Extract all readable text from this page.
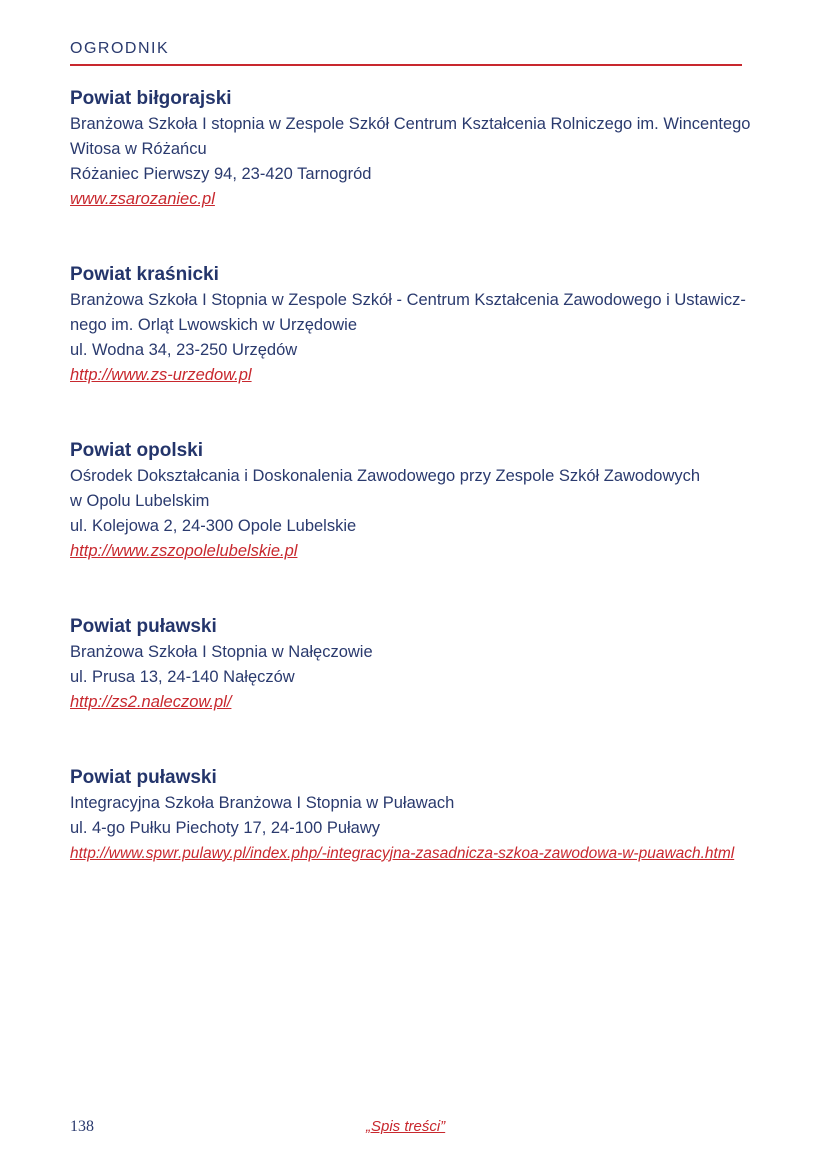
OGRODNIK
Powiat biłgorajski
Branżowa Szkoła I stopnia w Zespole Szkół Centrum Kształcenia Rolniczego im. Wincentego
Witosa w Różańcu
Różaniec Pierwszy 94, 23-420 Tarnogród
www.zsarozaniec.pl
Powiat kraśnicki
Branżowa Szkoła I Stopnia w Zespole Szkół - Centrum Kształcenia Zawodowego i Ustawicz-
nego im. Orląt Lwowskich w Urzędowie
ul. Wodna 34, 23-250 Urzędów
http://www.zs-urzedow.pl
Powiat opolski
Ośrodek Dokształcania i Doskonalenia Zawodowego przy Zespole Szkół Zawodowych
w Opolu Lubelskim
ul. Kolejowa 2, 24-300 Opole Lubelskie
http://www.zszopolelubelskie.pl
Powiat puławski
Branżowa Szkoła I Stopnia w Nałęczowie
ul. Prusa 13, 24-140 Nałęczów
http://zs2.naleczow.pl/
Powiat puławski
Integracyjna Szkoła Branżowa I Stopnia w Puławach
ul. 4-go Pułku Piechoty 17, 24-100 Puławy
http://www.spwr.pulawy.pl/index.php/-integracyjna-zasadnicza-szkoa-zawodowa-w-puawach.html
138	„Spis treści”
